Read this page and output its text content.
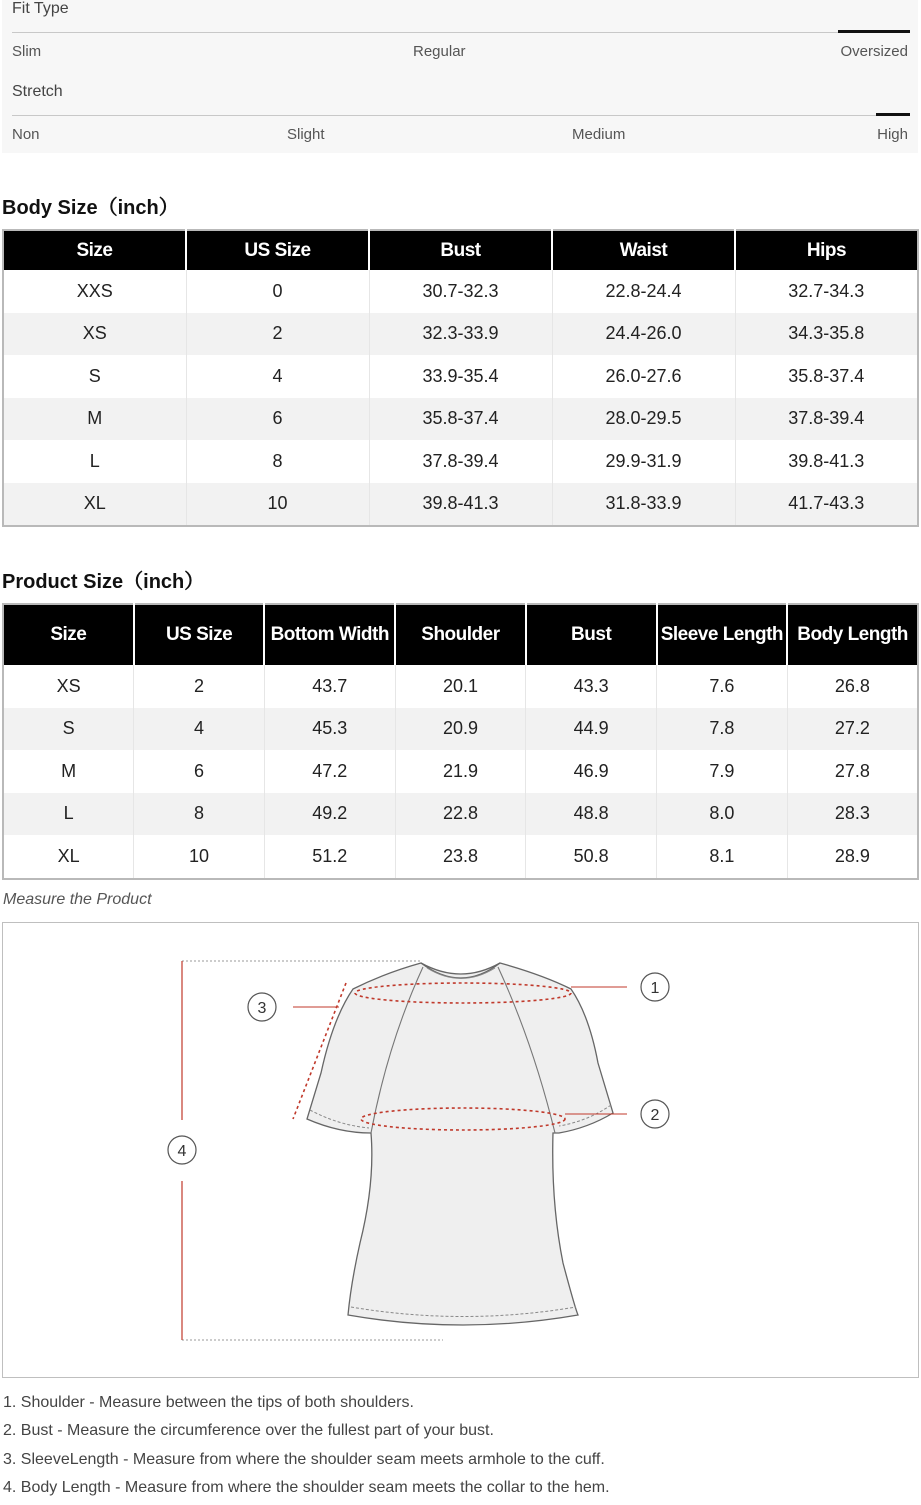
Fit Type
Slim	Regular	Oversized
Stretch
Non	Slight	Medium	High
Body Size（inch）
Size	US Size	Bust	Waist	Hips
XXS	0	30.7-32.3	22.8-24.4	32.7-34.3
XS	2	32.3-33.9	24.4-26.0	34.3-35.8
S	4	33.9-35.4	26.0-27.6	35.8-37.4
M	6	35.8-37.4	28.0-29.5	37.8-39.4
L	8	37.8-39.4	29.9-31.9	39.8-41.3
XL	10	39.8-41.3	31.8-33.9	41.7-43.3
Product Size（inch）
Size	US Size	Bottom Width	Shoulder	Bust	Sleeve Length	Body Length
XS	2	43.7	20.1	43.3	7.6	26.8
S	4	45.3	20.9	44.9	7.8	27.2
M	6	47.2	21.9	46.9	7.9	27.8
L	8	49.2	22.8	48.8	8.0	28.3
XL	10	51.2	23.8	50.8	8.1	28.9
Measure the Product
1
2
3
4
1. Shoulder - Measure between the tips of both shoulders.
2. Bust - Measure the circumference over the fullest part of your bust.
3. SleeveLength - Measure from where the shoulder seam meets armhole to the cuff.
4. Body Length - Measure from where the shoulder seam meets the collar to the hem.
